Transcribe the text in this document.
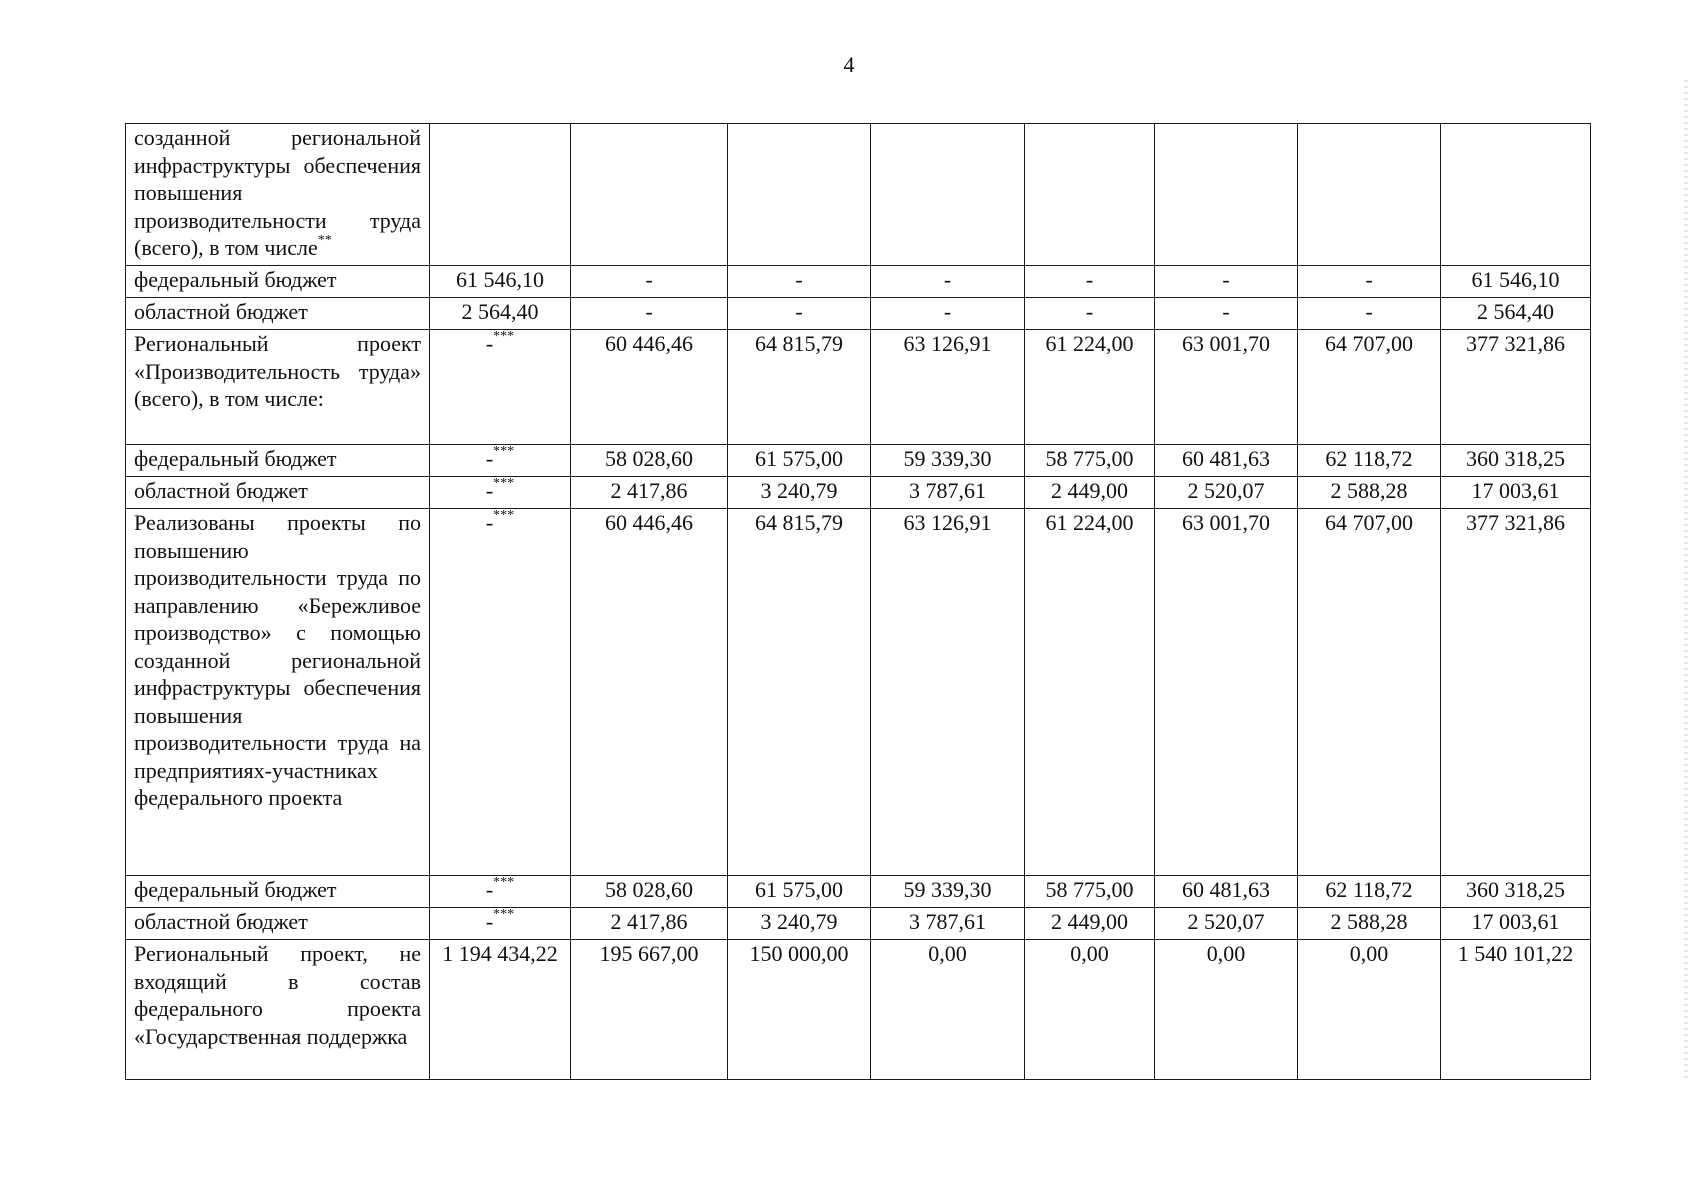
4
созданной региональной инфраструктуры обеспечения повышения производительности труда (всего), в том числе**								
федеральный бюджет	61 546,10	-	-	-	-	-	-	61 546,10
областной бюджет	2 564,40	-	-	-	-	-	-	2 564,40
Региональный проект «Производительность труда» (всего), в том числе:	-***	60 446,46	64 815,79	63 126,91	61 224,00	63 001,70	64 707,00	377 321,86
федеральный бюджет	-***	58 028,60	61 575,00	59 339,30	58 775,00	60 481,63	62 118,72	360 318,25
областной бюджет	-***	2 417,86	3 240,79	3 787,61	2 449,00	2 520,07	2 588,28	17 003,61
Реализованы проекты по повышению производительности труда по направлению «Бережливое производство» с помощью созданной региональной инфраструктуры обеспечения повышения производительности труда на предприятиях-участниках федерального проекта	-***	60 446,46	64 815,79	63 126,91	61 224,00	63 001,70	64 707,00	377 321,86
федеральный бюджет	-***	58 028,60	61 575,00	59 339,30	58 775,00	60 481,63	62 118,72	360 318,25
областной бюджет	-***	2 417,86	3 240,79	3 787,61	2 449,00	2 520,07	2 588,28	17 003,61
Региональный проект, не входящий в состав федерального проекта «Государственная поддержка	1 194 434,22	195 667,00	150 000,00	0,00	0,00	0,00	0,00	1 540 101,22
